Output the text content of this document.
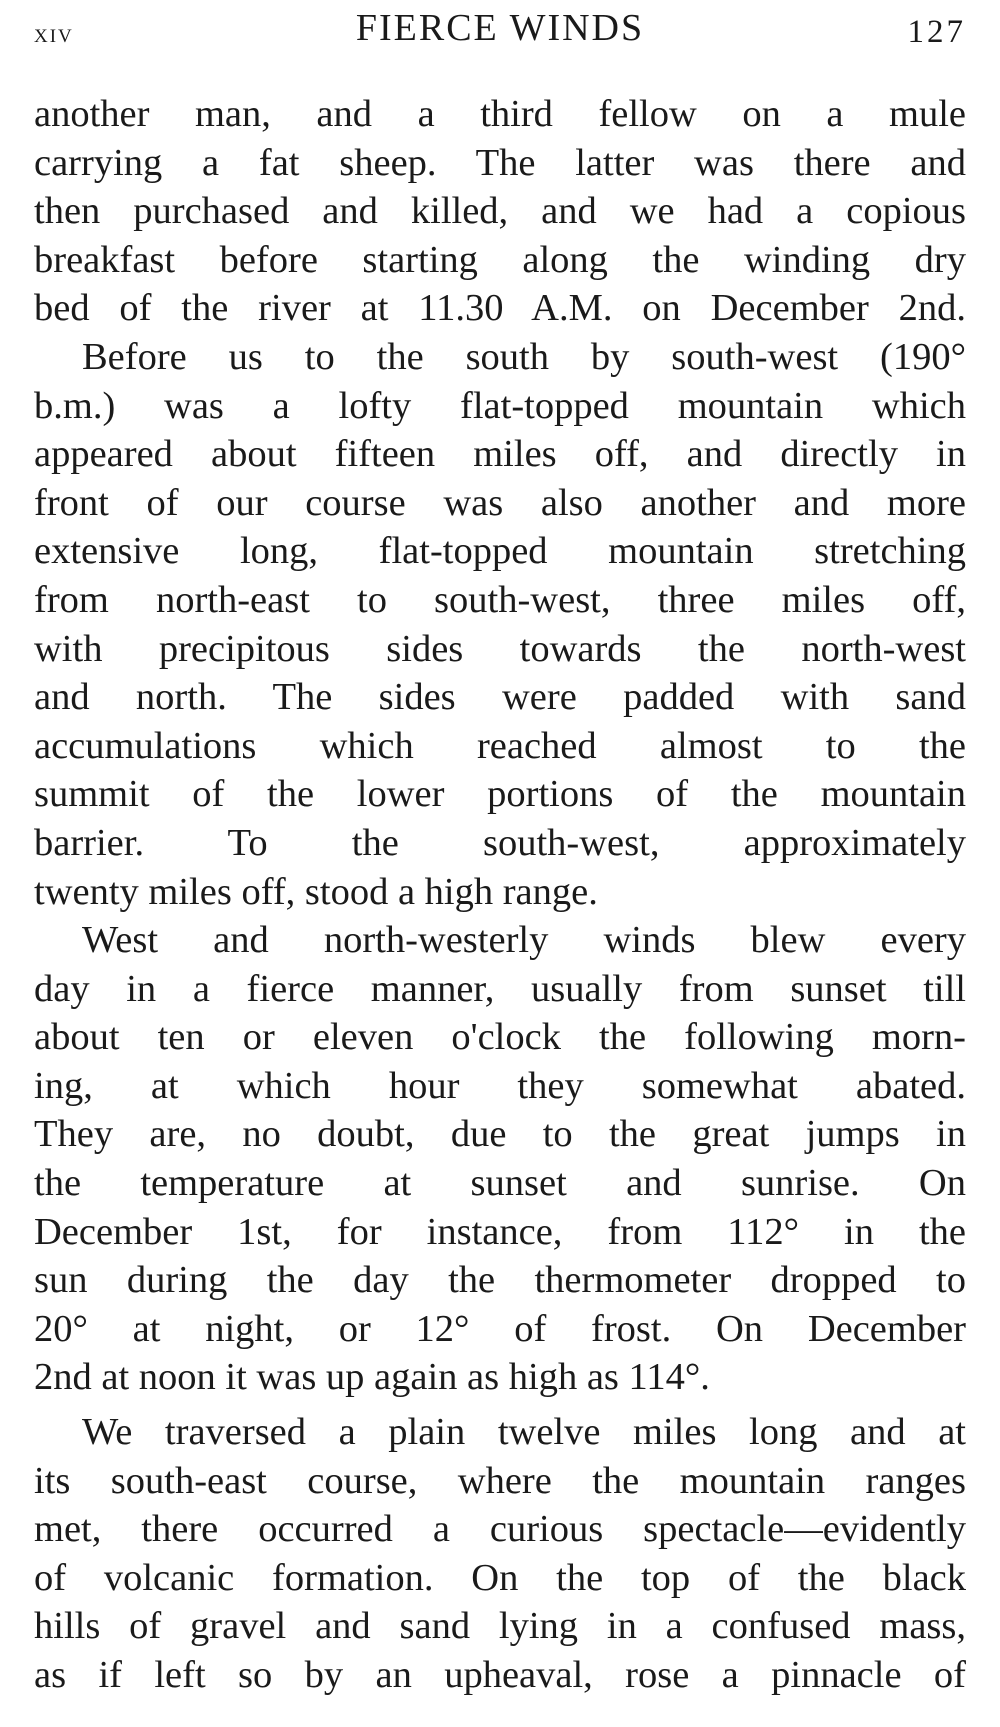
xiv	FIERCE WINDS	127
another man, and a third fellow on a mule
carrying a fat sheep. The latter was there and
then purchased and killed, and we had a copious
breakfast before starting along the winding dry
bed of the river at 11.30 A.M. on December 2nd.
Before us to the south by south-west (190°
b.m.) was a lofty flat-topped mountain which
appeared about fifteen miles off, and directly in
front of our course was also another and more
extensive long, flat-topped mountain stretching
from north-east to south-west, three miles off,
with precipitous sides towards the north-west
and north. The sides were padded with sand
accumulations which reached almost to the
summit of the lower portions of the mountain
barrier. To the south-west, approximately
twenty miles off, stood a high range.
West and north-westerly winds blew every
day in a fierce manner, usually from sunset till
about ten or eleven o'clock the following morn-
ing, at which hour they somewhat abated.
They are, no doubt, due to the great jumps in
the temperature at sunset and sunrise. On
December 1st, for instance, from 112° in the
sun during the day the thermometer dropped to
20° at night, or 12° of frost. On December
2nd at noon it was up again as high as 114°.
We traversed a plain twelve miles long and at
its south-east course, where the mountain ranges
met, there occurred a curious spectacle—evidently
of volcanic formation. On the top of the black
hills of gravel and sand lying in a confused mass,
as if left so by an upheaval, rose a pinnacle of
